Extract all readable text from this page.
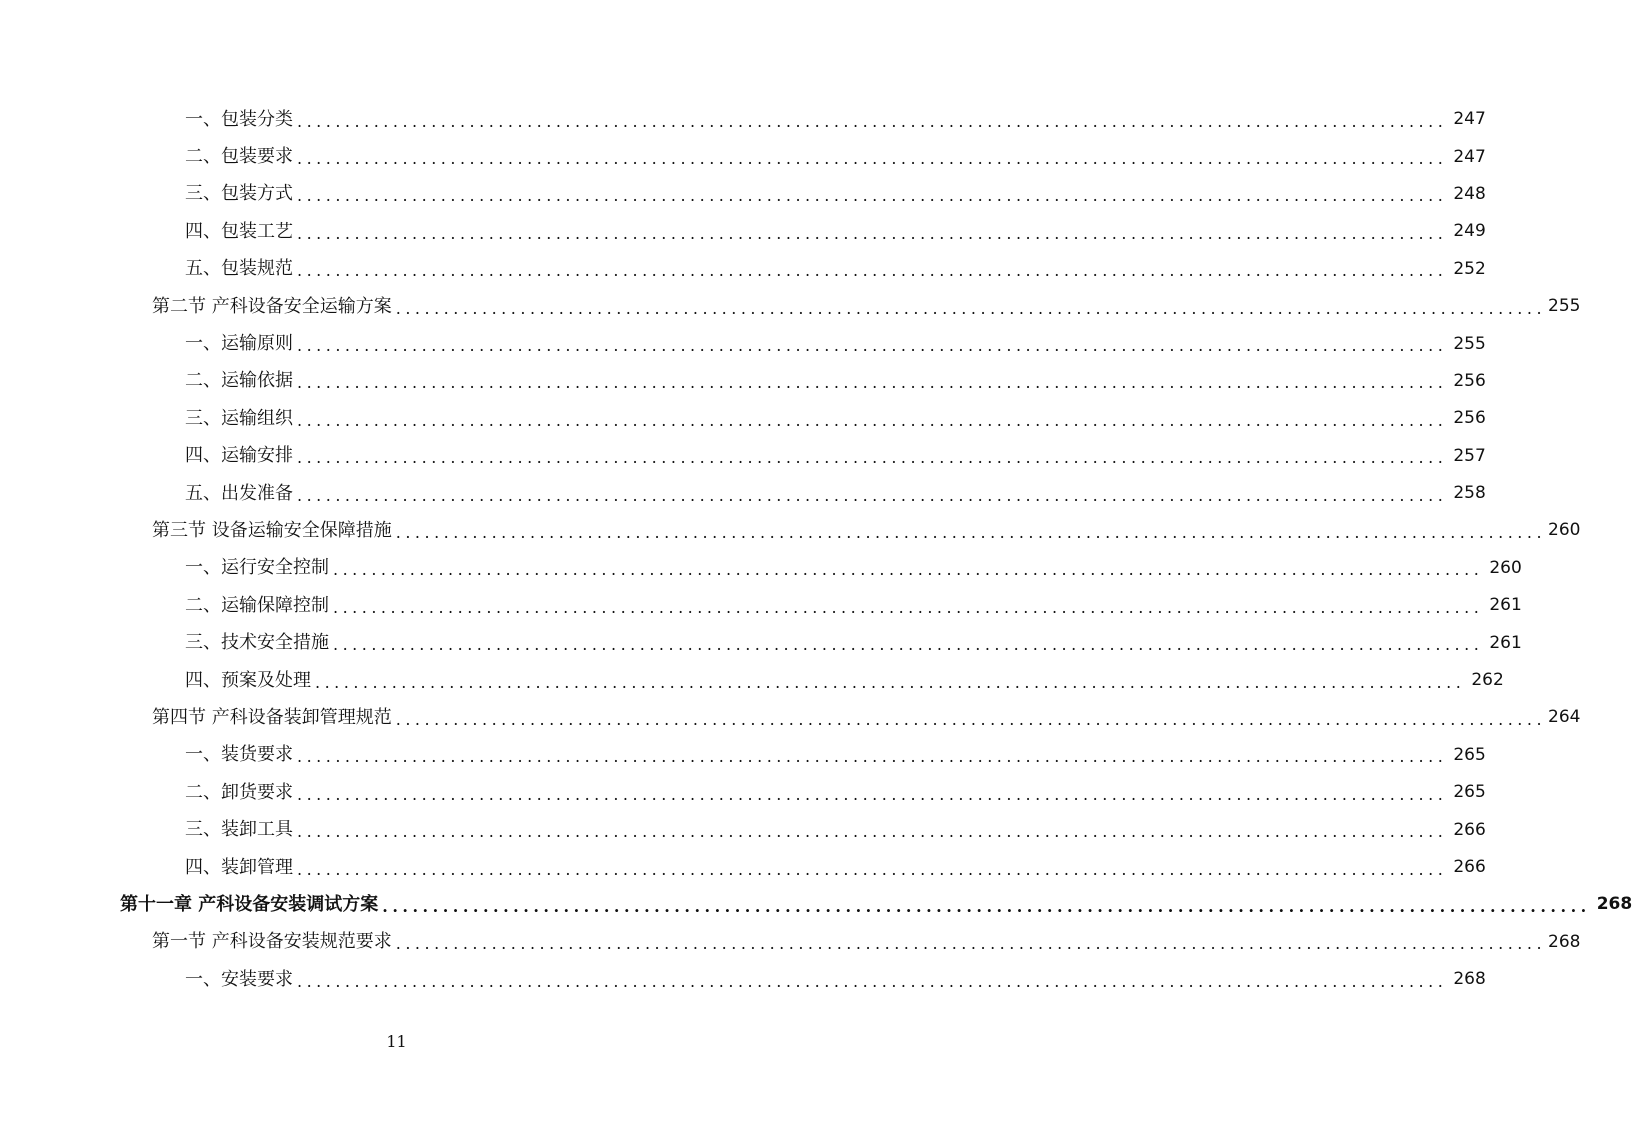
一、包装分类 ........................................................................................................................ 247
二、包装要求 ........................................................................................................................ 247
三、包装方式 ........................................................................................................................ 248
四、包装工艺 ........................................................................................................................ 249
五、包装规范 ........................................................................................................................ 252
第二节 产科设备安全运输方案 ........................................................................................................................ 255
一、运输原则 ........................................................................................................................ 255
二、运输依据 ........................................................................................................................ 256
三、运输组织 ........................................................................................................................ 256
四、运输安排 ........................................................................................................................ 257
五、出发准备 ........................................................................................................................ 258
第三节 设备运输安全保障措施 ........................................................................................................................ 260
一、运行安全控制 ........................................................................................................................ 260
二、运输保障控制 ........................................................................................................................ 261
三、技术安全措施 ........................................................................................................................ 261
四、预案及处理 ........................................................................................................................ 262
第四节 产科设备装卸管理规范 ........................................................................................................................ 264
一、装货要求 ........................................................................................................................ 265
二、卸货要求 ........................................................................................................................ 265
三、装卸工具 ........................................................................................................................ 266
四、装卸管理 ........................................................................................................................ 266
第十一章 产科设备安装调试方案 ........................................................................................................................ 268
第一节 产科设备安装规范要求 ........................................................................................................................ 268
一、安装要求 ........................................................................................................................ 268
11
